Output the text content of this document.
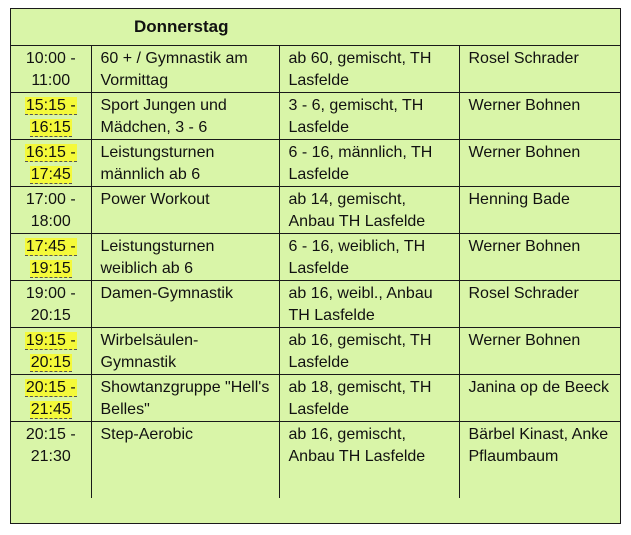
Donnerstag
10:00 -
11:00	60 + / Gymnastik am Vormittag	ab 60, gemischt, TH Lasfelde	Rosel Schrader
15:15 -
16:15	Sport Jungen und Mädchen, 3 - 6	3 - 6, gemischt, TH Lasfelde	Werner Bohnen
16:15 -
17:45	Leistungsturnen männlich ab 6	6 - 16, männlich, TH Lasfelde	Werner Bohnen
17:00 -
18:00	Power Workout	ab 14, gemischt, Anbau TH Lasfelde	Henning Bade
17:45 -
19:15	Leistungsturnen weiblich ab 6	6 - 16, weiblich, TH Lasfelde	Werner Bohnen
19:00 -
20:15	Damen-Gymnastik	ab 16, weibl., Anbau TH Lasfelde	Rosel Schrader
19:15 -
20:15	Wirbelsäulen-Gymnastik	ab 16, gemischt, TH Lasfelde	Werner Bohnen
20:15 -
21:45	Showtanzgruppe "Hell's Belles"	ab 18, gemischt, TH Lasfelde	Janina op de Beeck
20:15 -
21:30	Step-Aerobic	ab 16, gemischt, Anbau TH Lasfelde	Bärbel Kinast, Anke Pflaumbaum
